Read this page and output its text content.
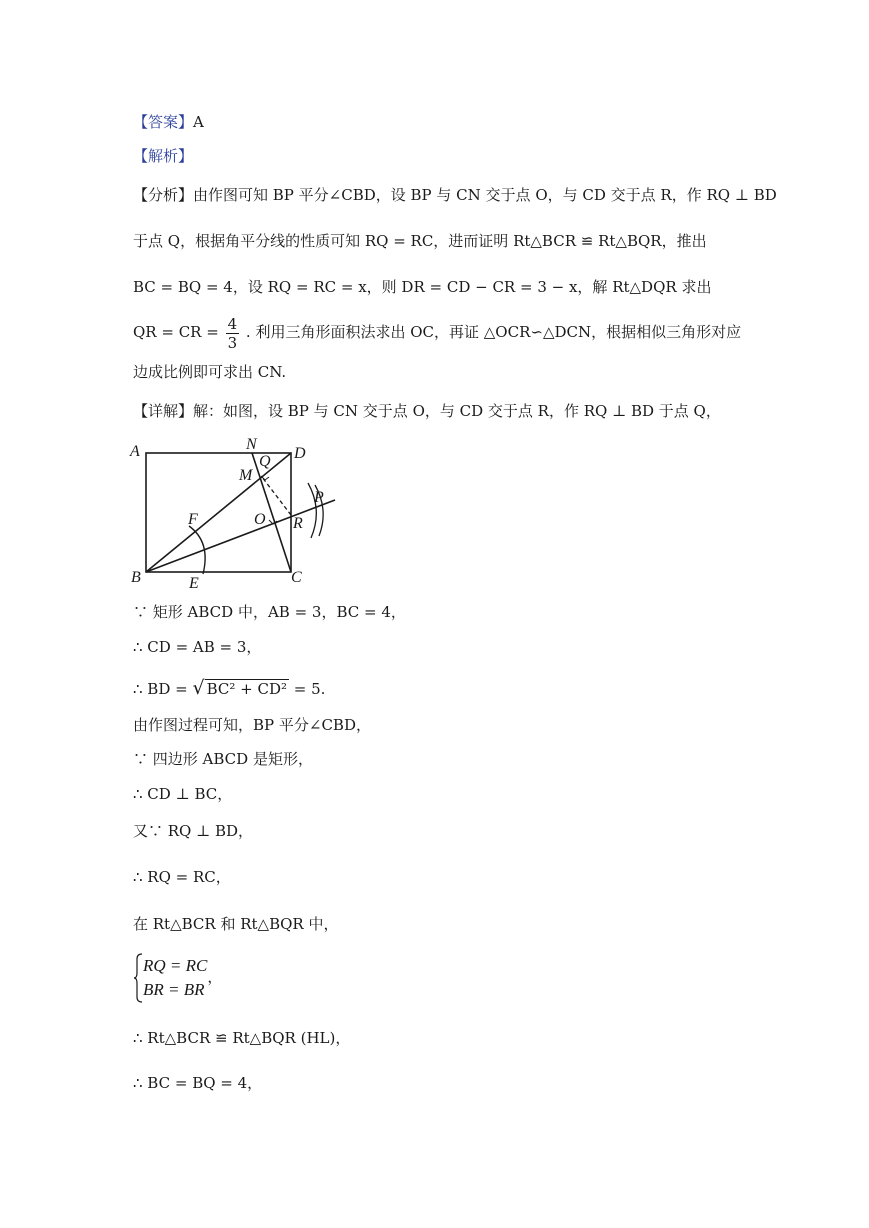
【答案】A
【解析】
【分析】由作图可知 BP 平分∠CBD，设 BP 与 CN 交于点 O，与 CD 交于点 R，作 RQ ⊥ BD
于点 Q，根据角平分线的性质可知 RQ = RC，进而证明 Rt△BCR ≌ Rt△BQR，推出
BC = BQ = 4，设 RQ = RC = x，则 DR = CD − CR = 3 − x，解 Rt△DQR 求出
QR = CR = $\frac{4}{3}$ . 利用三角形面积法求出 OC，再证 △OCR∽△DCN，根据相似三角形对应
边成比例即可求出 CN.
【详解】解：如图，设 BP 与 CN 交于点 O，与 CD 交于点 R，作 RQ ⊥ BD 于点 Q，
A	N
D
Q
M
P
F	O R
B	E	C
∵ 矩形 ABCD 中，AB = 3，BC = 4，
∴ CD = AB = 3，
∴ BD = √ BC² + CD² = 5.
由作图过程可知，BP 平分∠CBD，
∵ 四边形 ABCD 是矩形，
∴ CD ⊥ BC，
又∵ RQ ⊥ BD，
∴ RQ = RC，
在 Rt△BCR 和 Rt△BQR 中，
RQ = RC
BR = BR
，
∴ Rt△BCR ≌ Rt△BQR (HL)，
∴ BC = BQ = 4，
